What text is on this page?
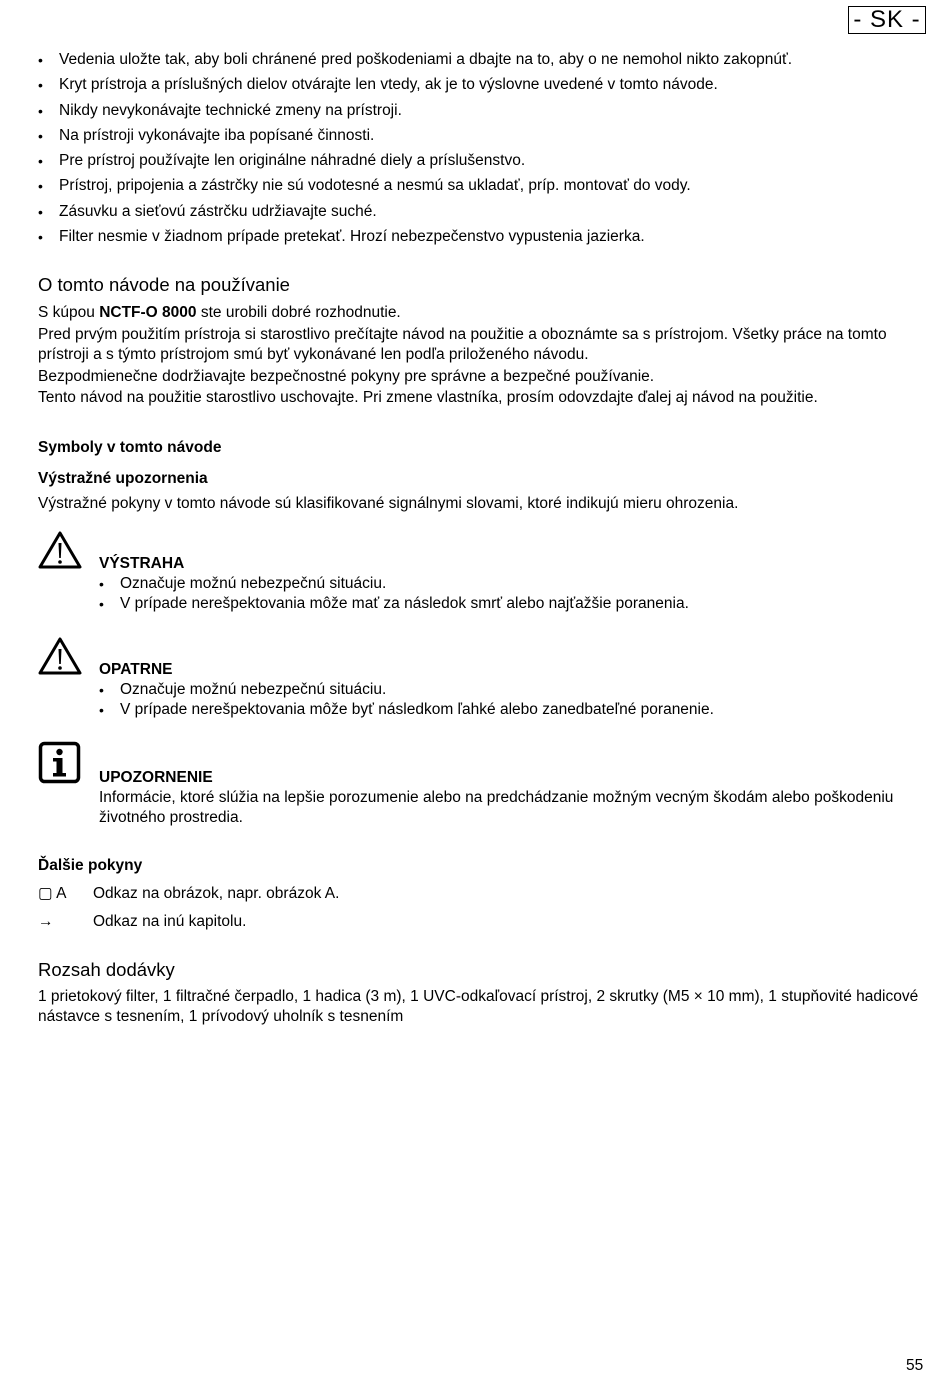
- SK -
• Vedenia uložte tak, aby boli chránené pred poškodeniami a dbajte na to, aby o ne nemohol nikto zakopnúť.
• Kryt prístroja a príslušných dielov otvárajte len vtedy, ak je to výslovne uvedené v tomto návode.
• Nikdy nevykonávajte technické zmeny na prístroji.
• Na prístroji vykonávajte iba popísané činnosti.
• Pre prístroj používajte len originálne náhradné diely a príslušenstvo.
• Prístroj, pripojenia a zástrčky nie sú vodotesné a nesmú sa ukladať, príp. montovať do vody.
• Zásuvku a sieťovú zástrčku udržiavajte suché.
• Filter nesmie v žiadnom prípade pretekať. Hrozí nebezpečenstvo vypustenia jazierka.
O tomto návode na používanie

S kúpou NCTF-O 8000 ste urobili dobré rozhodnutie.

Pred prvým použitím prístroja si starostlivo prečítajte návod na použitie a oboznámte sa s prístrojom. Všetky práce na tomto prístroji a s týmto prístrojom smú byť vykonávané len podľa priloženého návodu.

Bezpodmienečne dodržiavajte bezpečnostné pokyny pre správne a bezpečné používanie.

Tento návod na použitie starostlivo uschovajte. Pri zmene vlastníka, prosím odovzdajte ďalej aj návod na použitie.

Symboly v tomto návode
Výstražné upozornenia

Výstražné pokyny v tomto návode sú klasifikované signálnymi slovami, ktoré indikujú mieru ohrozenia.

VÝSTRAHA
• Označuje možnú nebezpečnú situáciu.
• V prípade nerešpektovania môže mať za následok smrť alebo najťažšie poranenia.
OPATRNE
• Označuje možnú nebezpečnú situáciu.
• V prípade nerešpektovania môže byť následkom ľahké alebo zanedbateľné poranenie.
UPOZORNENIE

Informácie, ktoré slúžia na lepšie porozumenie alebo na predchádzanie možným vecným škodám alebo poškodeniu životného prostredia.

Ďalšie pokyny
▢ A Odkaz na obrázok, napr. obrázok A.
→	Odkaz na inú kapitolu.
Rozsah dodávky

1 prietokový filter, 1 filtračné čerpadlo, 1 hadica (3 m), 1 UVC-odkaľovací prístroj, 2 skrutky (M5 × 10 mm), 1 stupňovité hadicové nástavce s tesnením, 1 prívodový uholník s tesnením

55
